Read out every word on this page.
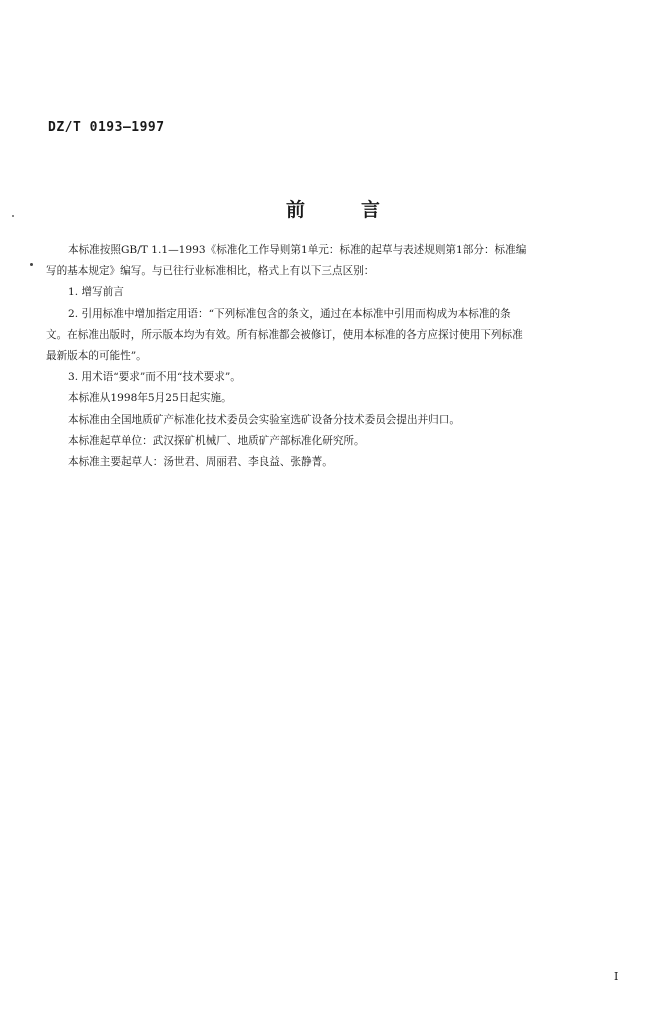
DZ/T 0193—1997
前言

本标准按照GB/T 1.1—1993《标准化工作导则第1单元：标准的起草与表述规则第1部分：标准编

写的基本规定》编写。与已往行业标准相比，格式上有以下三点区别：

1. 增写前言

2. 引用标准中增加指定用语：“下列标准包含的条文，通过在本标准中引用而构成为本标准的条

文。在标准出版时，所示版本均为有效。所有标准都会被修订，使用本标准的各方应探讨使用下列标准

最新版本的可能性”。

3. 用术语“要求”而不用“技术要求”。

本标准从1998年5月25日起实施。

本标准由全国地质矿产标准化技术委员会实验室选矿设备分技术委员会提出并归口。

本标准起草单位：武汉探矿机械厂、地质矿产部标准化研究所。

本标准主要起草人：汤世君、周丽君、李良益、张静菁。

I
